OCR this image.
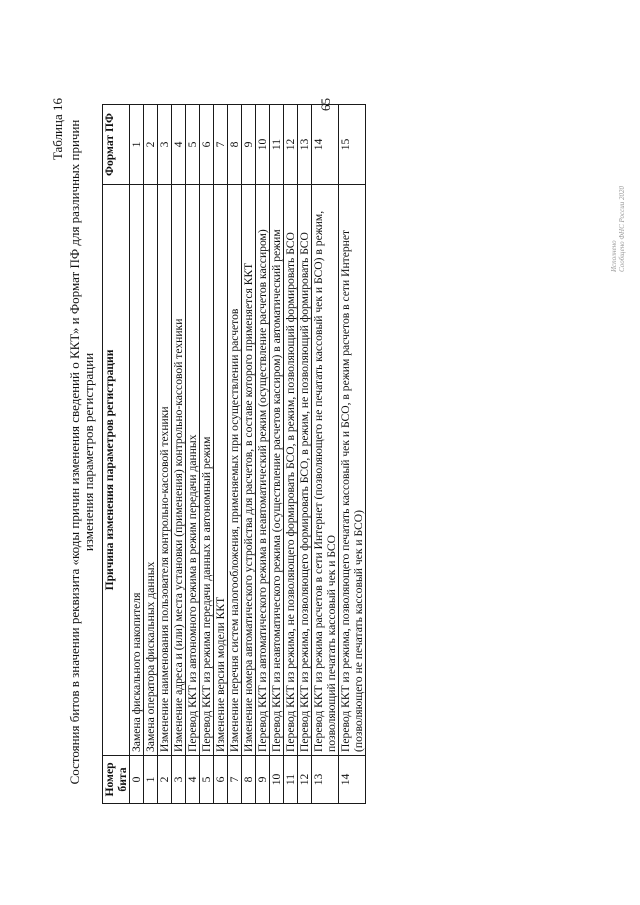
65
Таблица 16 Состояния битов в значении реквизита «коды причин изменения сведений о ККТ» и Формат ПФ для различных причин изменения параметров регистрации
Номер бита	Причина изменения параметров регистрации	Формат ПФ
0	Замена фискального накопителя	1
1	Замена оператора фискальных данных	2
2	Изменение наименования пользователя контрольно-кассовой техники	3
3	Изменение адреса и (или) места установки (применения) контрольно-кассовой техники	4
4	Перевод ККТ из автономного режима в режим передачи данных	5
5	Перевод ККТ из режима передачи данных в автономный режим	6
6	Изменение версии модели ККТ	7
7	Изменение перечня систем налогообложения, применяемых при осуществлении расчетов	8
8	Изменение номера автоматического устройства для расчетов, в составе которого применяется ККТ	9
9	Перевод ККТ из автоматического режима в неавтоматический режим (осуществление расчетов кассиром)	10
10	Перевод ККТ из неавтоматического режима (осуществление расчетов кассиром) в автоматический режим	11
11	Перевод ККТ из режима, не позволяющего формировать БСО, в режим, позволяющий формировать БСО	12
12	Перевод ККТ из режима, позволяющего формировать БСО, в режим, не позволяющий формировать БСО	13
13	Перевод ККТ из режима расчетов в сети Интернет (позволяющего не печатать кассовый чек и БСО) в режим, позволяющий печатать кассовый чек и БСО	14
14	Перевод ККТ из режима, позволяющего печатать кассовый чек и БСО, в режим расчетов в сети Интернет (позволяющего не печатать кассовый чек и БСО)	15
Исполнено Сообщено ФНС России 2020
